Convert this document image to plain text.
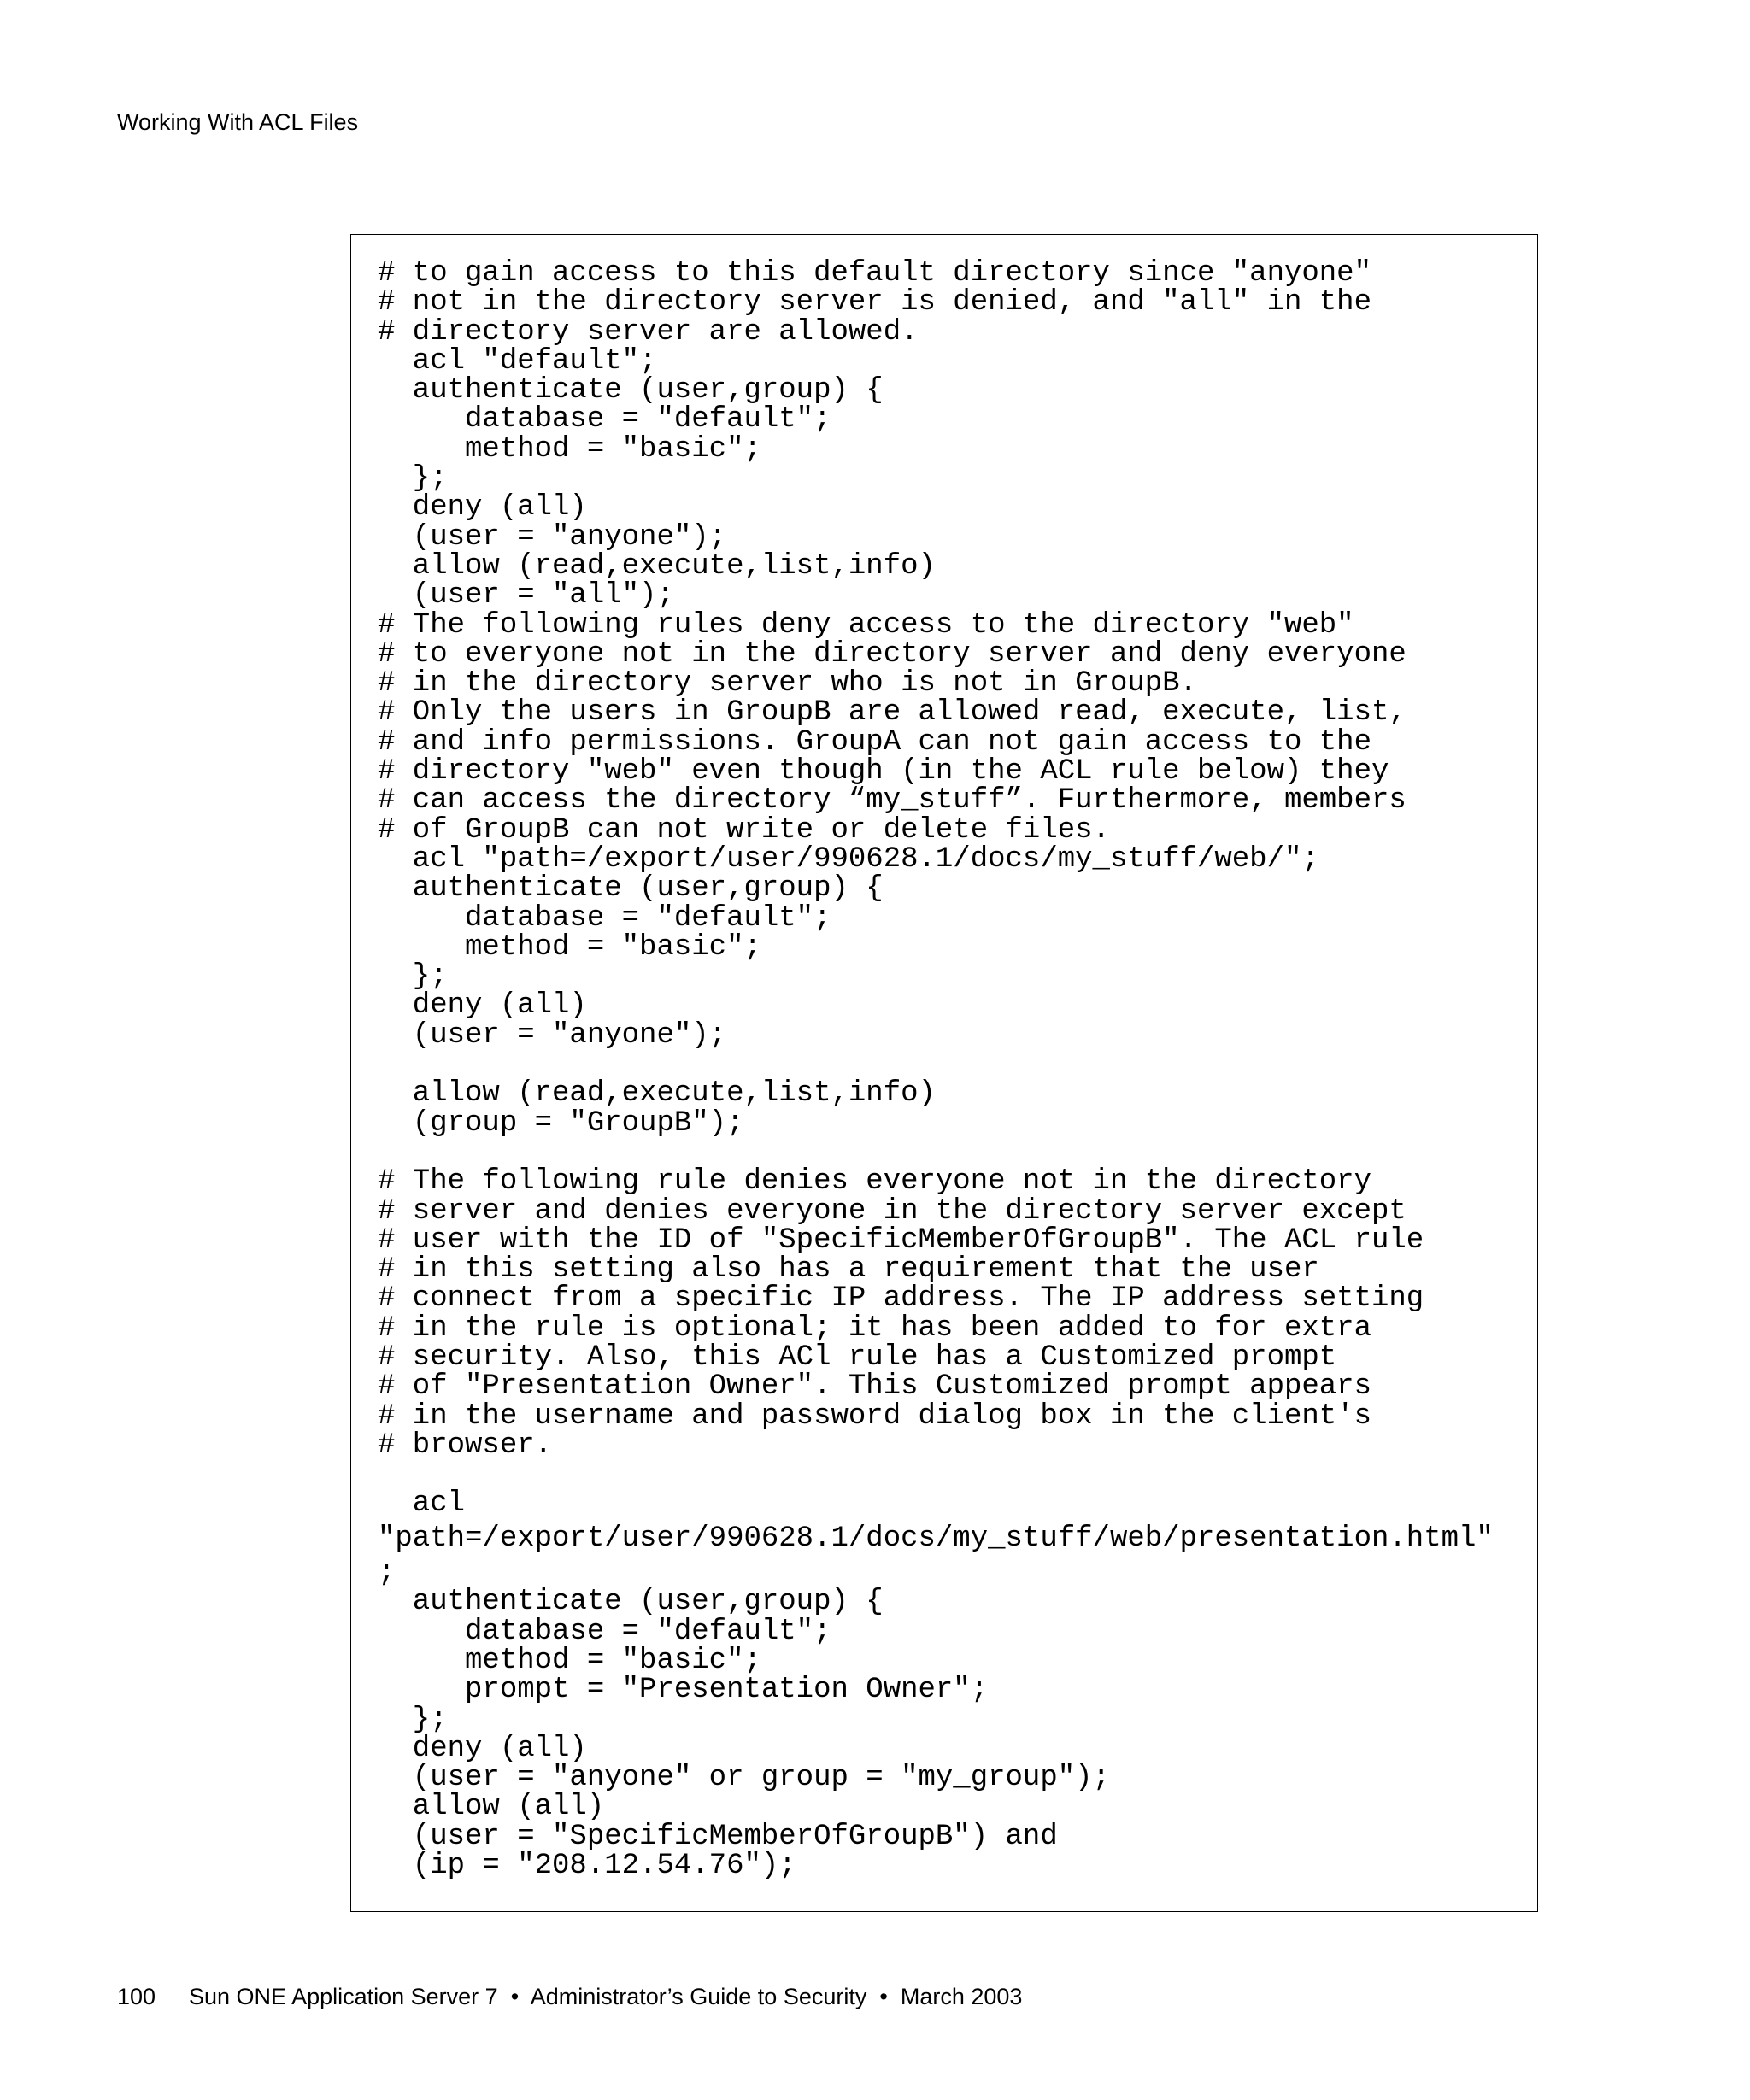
Working With ACL Files
# to gain access to this default directory since "anyone"
# not in the directory server is denied, and "all" in the
# directory server are allowed.
acl "default";
authenticate (user,group) {
database = "default";
method = "basic";
};
deny (all)
(user = "anyone");
allow (read,execute,list,info)
(user = "all");
# The following rules deny access to the directory "web"
# to everyone not in the directory server and deny everyone
# in the directory server who is not in GroupB.
# Only the users in GroupB are allowed read, execute, list,
# and info permissions. GroupA can not gain access to the
# directory "web" even though (in the ACL rule below) they
# can access the directory “my_stuff”. Furthermore, members
# of GroupB can not write or delete files.
acl "path=/export/user/990628.1/docs/my_stuff/web/";
authenticate (user,group) {
database = "default";
method = "basic";
};
deny (all)
(user = "anyone");
allow (read,execute,list,info)
(group = "GroupB");
# The following rule denies everyone not in the directory
# server and denies everyone in the directory server except
# user with the ID of "SpecificMemberOfGroupB". The ACL rule
# in this setting also has a requirement that the user
# connect from a specific IP address. The IP address setting
# in the rule is optional; it has been added to for extra
# security. Also, this ACl rule has a Customized prompt
# of "Presentation Owner". This Customized prompt appears
# in the username and password dialog box in the client's
# browser.
acl
"path=/export/user/990628.1/docs/my_stuff/web/presentation.html"
;
authenticate (user,group) {
database = "default";
method = "basic";
prompt = "Presentation Owner";
};
deny (all)
(user = "anyone" or group = "my_group");
allow (all)
(user = "SpecificMemberOfGroupB") and
(ip = "208.12.54.76");
100 Sun ONE Application Server 7 • Administrator’s Guide to Security • March 2003
